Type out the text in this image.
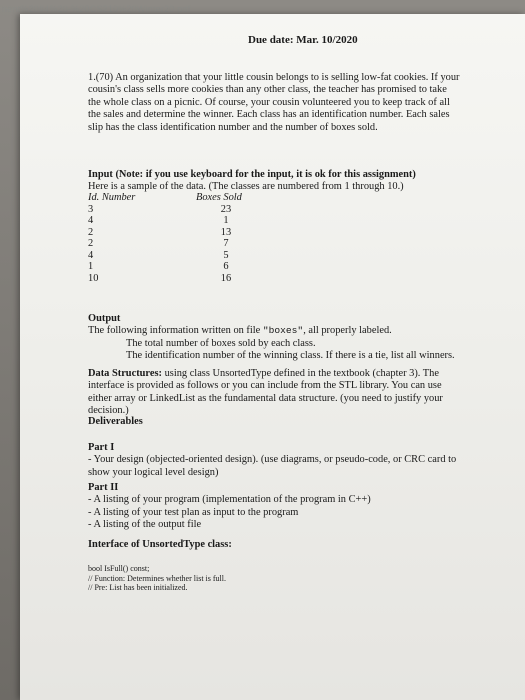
nent%20#4%20-%20CS210%20Winter20.pdf
Due date: Mar. 10/2020

1.(70) An organization that your little cousin belongs to is selling low-fat cookies. If your

cousin's class sells more cookies than any other class, the teacher has promised to take

the whole class on a picnic. Of course, your cousin volunteered you to keep track of all

the sales and determine the winner. Each class has an identification number. Each sales

slip has the class identification number and the number of boxes sold.

Input (Note: if you use keyboard for the input, it is ok for this assignment)

Here is a sample of the data. (The classes are numbered from 1 through 10.)

Id. Number	Boxes Sold
3	23
4	1
2	13
2	7
4	5
1	6
10	16

Output

The following information written on file "boxes", all properly labeled.

The total number of boxes sold by each class.

The identification number of the winning class. If there is a tie, list all winners.

Data Structures: using class UnsortedType defined in the textbook (chapter 3). The

interface is provided as follows or you can include from the STL library. You can use

either array or LinkedList as the fundamental data structure. (you need to justify your

decision.)

Deliverables

Part I

- Your design (objected-oriented design). (use diagrams, or pseudo-code, or CRC card to

show your logical level design)

Part II

- A listing of your program (implementation of the program in C++)

- A listing of your test plan as input to the program

- A listing of the output file

Interface of UnsortedType class:

bool IsFull() const;

// Function: Determines whether list is full.

// Pre: List has been initialized.
